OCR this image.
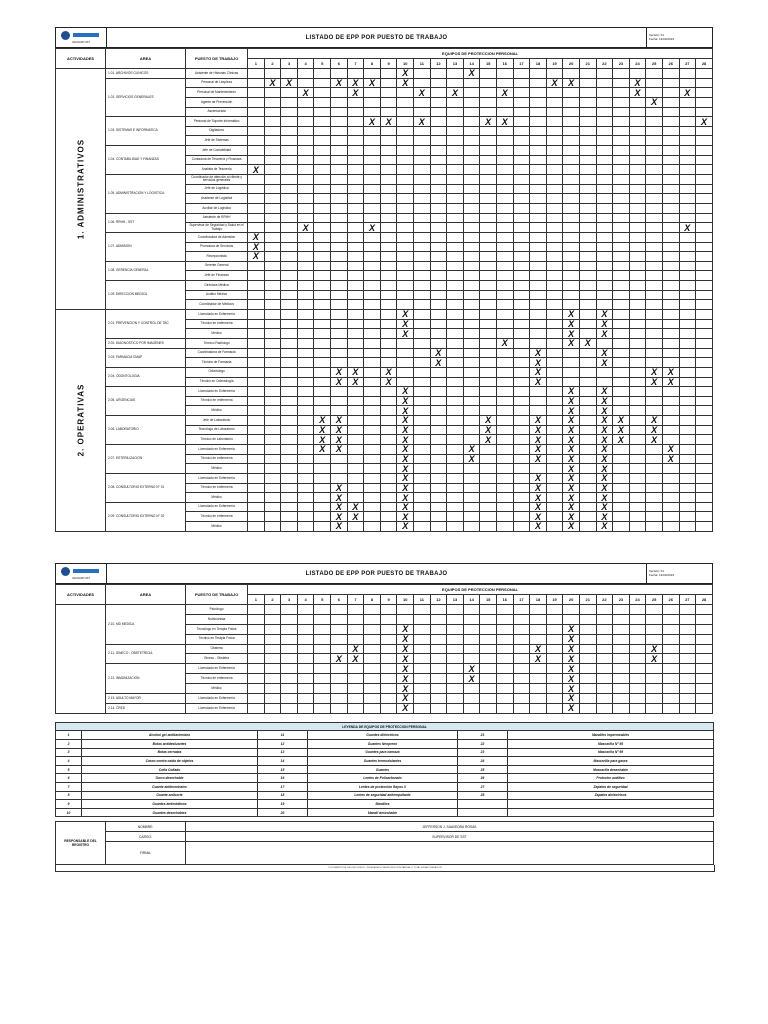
VALIDADO SST
LISTADO DE EPP POR PUESTO DE TRABAJO	Versión: 01
Fecha: 12/03/2019
ACTIVIDADES	AREA	PUESTO DE TRABAJO	EQUIPOS DE PROTECCION PERSONAL																											
			1	2	3	4	5	6	7	8	9	10	11	12	13	14	15	16	17	18	19	20	21	22	23	24	25	26	27	28

1. ADMINISTRATIVOS	1.01. ARCHIVOS CLINICOS	Asistente de Historias Clínicas										X				X														
	1.02. SERVICIOS GENERALES	Personal de Limpieza		X	X			X	X	X		X									X	X				X				
		Personal de Mantenimiento				X			X				X		X			X								X			X	
		Agente de Prevención																									X			
		Ascensorista																												
	1.03. SISTEMAS E INFORMATICA	Personal de Soporte Informático								X	X		X				X	X												X
		Digitadora																												
		Jefe de Sistemas																												
	1.04. CONTABILIDAD Y FINANZAS	Jefe de Contabilidad																												
		Contadora de Tesorería y Finanzas																												
		Analista de Tesorería	X																											
	1.05. ADMINISTRACION Y LOGISTICA	Coordinador de atención al cliente y servicios generales																												
		Jefe de Logística																												
		Asistente de Logística																												
		Auxiliar de Logística																												
	1.06. RRHH - SST	Asistente de RRHH																												
		Supervisor de Seguridad y Salud en el Trabajo				X				X																			X	
	1.07. ADMISION	Coordinadora de Admisión	X																											
		Promotora de Servicios	X																											
		Recepcionista	X																											
	1.08. GERENCIA GENERAL	Gerente General																												
		Jefe de Finanzas																												
	1.09. DIRECCION MEDICA	Directora Médica																												
		Auditor Médico																												
		Coordinador de Médicos																												

2. OPERATIVAS	2.01. PREVENCION Y CONTROL DE TBC	Licenciado en Enfermería										X										X		X						
		Técnico en enfermería										X										X		X						
		Médico										X										X		X						
	2.02. DIAGNOSTICO POR IMAGENES	Técnico Radiólogo																X				X	X							
	2.03. FARMACIA CMAP	Coordinadora de Farmacia												X						X				X						
		Técnica de Farmacia												X						X				X						
	2.04. ODONTOLOGIA	Odontólogo						X	X		X									X							X	X		
		Técnico en Odontología						X	X		X									X							X	X		
	2.05. URGENCIAS	Licenciado en Enfermería										X										X		X						
		Técnico en enfermería										X										X		X						
		Médico										X										X		X						
	2.06. LABORATORIO	Jefe de Laboratorio					X	X				X					X			X		X		X	X		X			
		Tecnólogo de Laboratorio					X	X				X					X			X		X		X	X		X			
		Técnico de Laboratorio					X	X				X					X			X		X		X	X		X			
	2.07. ESTERILIZACION	Licenciado en Enfermería					X	X				X				X				X		X		X				X		
		Técnico en enfermería										X				X				X		X		X				X		
		Médico										X										X		X						
	2.08. CONSULTORIO EXTERNO N° 01	Licenciado en Enfermería										X								X		X		X						
		Técnico en enfermería						X				X								X		X		X						
		Médico						X				X								X		X		X						
	2.09. CONSULTORIO EXTERNO N° 02	Licenciado en Enfermería						X	X			X								X		X		X						
		Técnico en enfermería						X	X			X								X		X		X						
		Médico						X				X								X		X		X						
VALIDADO SST
LISTADO DE EPP POR PUESTO DE TRABAJO	Versión: 01
Fecha: 12/03/2019
ACTIVIDADES	AREA	PUESTO DE TRABAJO	EQUIPOS DE PROTECCION PERSONAL																											
			1	2	3	4	5	6	7	8	9	10	11	12	13	14	15	16	17	18	19	20	21	22	23	24	25	26	27	28

	2.10. MD MEDICA	Psicólogo																												
		Nutricionista																												
		Tecnólogo en Terapia Física										X										X								
		Técnico en Terapia Física										X										X								
	2.11. GINECO - OBSTETRICIA	Obstetra							X			X								X		X					X			
		Gineco - Obstetra						X	X			X								X		X					X			
	2.12. INMUNIZACION	Licenciado en Enfermería										X				X						X								
		Técnico en enfermería										X				X						X								
		Médico										X										X								
	2.13. ADULTO MAYOR	Licenciado en Enfermería										X										X								
	2.14. CRED	Licenciado en Enfermería										X										X								
LEYENDA DE EQUIPOS DE PROTECCION PERSONAL					
1	Alcohol gel antibacteriano	11	Guantes dieléctricos	21	Mandiles impermeables
2	Botas antideslizantes	12	Guantes Neopreno	22	Mascarilla N° 95
3	Botas cerradas	13	Guantes para carnaza	23	Mascarilla N° 99
4	Casco contra caída de objetos	14	Guantes termoaislantes	24	Mascarilla para gases
5	Cofia Cofiado	15	Guantes	25	Mascarilla desechable
6	Gorro desechable	16	Lentes de Policarbonato	26	Protector auditivo
7	Guante antiterminales	17	Lentes de protección Rayos X	27	Zapatos de seguridad
8	Guante anticorte	18	Lentes de seguridad antiempañante	28	Zapatos dieléctricos
9	Guantes antiestáticos	19	Mandiles		
10	Guantes desechables	20	Mandil desechable		
RESPONSABLE DEL REGISTRO	NOMBRE:	JEFFERSON J. SAAVEDRA ROSAS
	CARGO:	SUPERVISOR DE SST
	FIRMA:	
DOCUMENTO DE USO EXCLUSIVO - PROHIBIDA SU REPRODUCCION PARCIAL O TOTAL SIN AUTORIZACION
